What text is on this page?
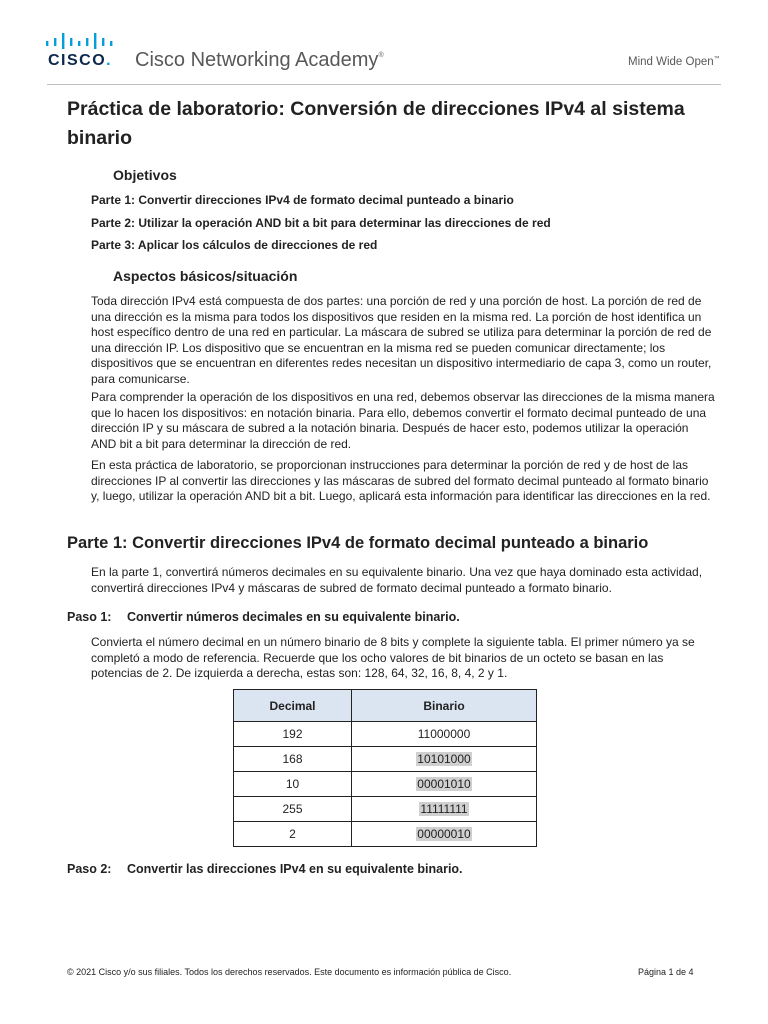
CISCO. Cisco Networking Academy®
Mind Wide Open™
Práctica de laboratorio: Conversión de direcciones IPv4 al sistema binario
Objetivos
Parte 1: Convertir direcciones IPv4 de formato decimal punteado a binario
Parte 2: Utilizar la operación AND bit a bit para determinar las direcciones de red
Parte 3: Aplicar los cálculos de direcciones de red
Aspectos básicos/situación

Toda dirección IPv4 está compuesta de dos partes: una porción de red y una porción de host. La porción de red de una dirección es la misma para todos los dispositivos que residen en la misma red. La porción de host identifica un host específico dentro de una red en particular. La máscara de subred se utiliza para determinar la porción de red de una dirección IP. Los dispositivo que se encuentran en la misma red se pueden comunicar directamente; los dispositivos que se encuentran en diferentes redes necesitan un dispositivo intermediario de capa 3, como un router, para comunicarse.

Para comprender la operación de los dispositivos en una red, debemos observar las direcciones de la misma manera que lo hacen los dispositivos: en notación binaria. Para ello, debemos convertir el formato decimal punteado de una dirección IP y su máscara de subred a la notación binaria. Después de hacer esto, podemos utilizar la operación AND bit a bit para determinar la dirección de red.

En esta práctica de laboratorio, se proporcionan instrucciones para determinar la porción de red y de host de las direcciones IP al convertir las direcciones y las máscaras de subred del formato decimal punteado al formato binario y, luego, utilizar la operación AND bit a bit. Luego, aplicará esta información para identificar las direcciones en la red.

Parte 1: Convertir direcciones IPv4 de formato decimal punteado a binario

En la parte 1, convertirá números decimales en su equivalente binario. Una vez que haya dominado esta actividad, convertirá direcciones IPv4 y máscaras de subred de formato decimal punteado a formato binario.

Paso 1: Convertir números decimales en su equivalente binario.

Convierta el número decimal en un número binario de 8 bits y complete la siguiente tabla. El primer número ya se completó a modo de referencia. Recuerde que los ocho valores de bit binarios de un octeto se basan en las potencias de 2. De izquierda a derecha, estas son: 128, 64, 32, 16, 8, 4, 2 y 1.

Decimal	Binario
192	11000000
168	10101000
10	00001010
255	11111111
2	00000010
Paso 2: Convertir las direcciones IPv4 en su equivalente binario.
© 2021 Cisco y/o sus filiales. Todos los derechos reservados. Este documento es información pública de Cisco.	Página 1 de 4
